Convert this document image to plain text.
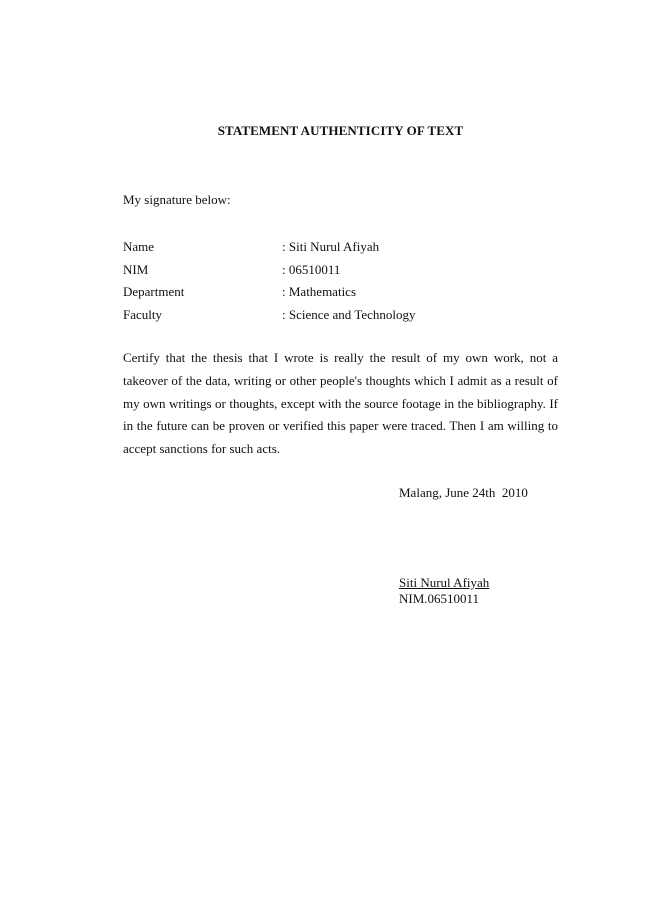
STATEMENT AUTHENTICITY OF TEXT
My signature below:
Name	: Siti Nurul Afiyah
NIM	: 06510011
Department	: Mathematics
Faculty	: Science and Technology

Certify that the thesis that I wrote is really the result of my own work, not a takeover of the data, writing or other people's thoughts which I admit as a result of my own writings or thoughts, except with the source footage in the bibliography. If in the future can be proven or verified this paper were traced. Then I am willing to accept sanctions for such acts.

Malang, June 24th  2010
Siti Nurul Afiyah
NIM.06510011
